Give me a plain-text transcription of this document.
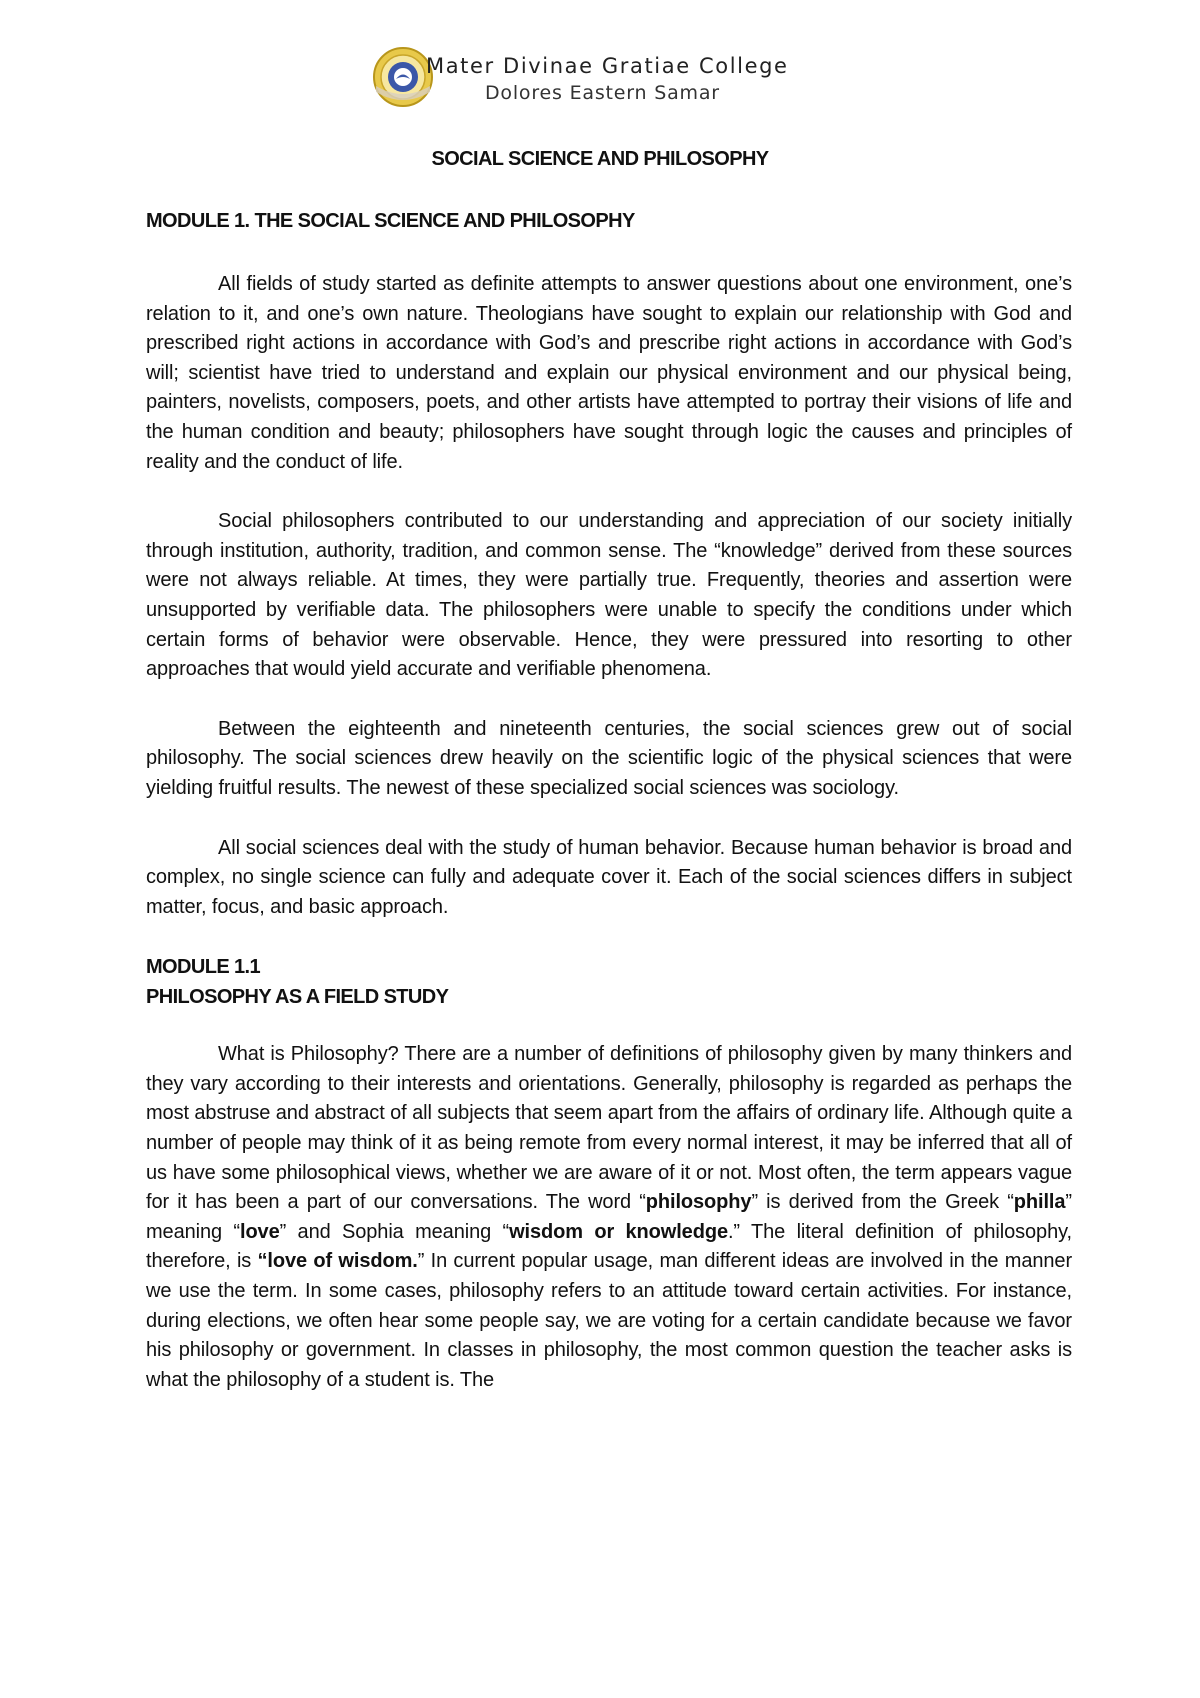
Mater Divinae Gratiae College
Dolores Eastern Samar
SOCIAL SCIENCE AND PHILOSOPHY
MODULE 1. THE SOCIAL SCIENCE AND PHILOSOPHY

All fields of study started as definite attempts to answer questions about one environment, one’s relation to it, and one’s own nature. Theologians have sought to explain our relationship with God and prescribed right actions in accordance with God’s and prescribe right actions in accordance with God’s will; scientist have tried to understand and explain our physical environment and our physical being, painters, novelists, composers, poets, and other artists have attempted to portray their visions of life and the human condition and beauty; philosophers have sought through logic the causes and principles of reality and the conduct of life.

Social philosophers contributed to our understanding and appreciation of our society initially through institution, authority, tradition, and common sense. The “knowledge” derived from these sources were not always reliable. At times, they were partially true. Frequently, theories and assertion were unsupported by verifiable data. The philosophers were unable to specify the conditions under which certain forms of behavior were observable. Hence, they were pressured into resorting to other approaches that would yield accurate and verifiable phenomena.

Between the eighteenth and nineteenth centuries, the social sciences grew out of social philosophy. The social sciences drew heavily on the scientific logic of the physical sciences that were yielding fruitful results. The newest of these specialized social sciences was sociology.

All social sciences deal with the study of human behavior. Because human behavior is broad and complex, no single science can fully and adequate cover it. Each of the social sciences differs in subject matter, focus, and basic approach.

MODULE 1.1
PHILOSOPHY AS A FIELD STUDY

What is Philosophy? There are a number of definitions of philosophy given by many thinkers and they vary according to their interests and orientations. Generally, philosophy is regarded as perhaps the most abstruse and abstract of all subjects that seem apart from the affairs of ordinary life. Although quite a number of people may think of it as being remote from every normal interest, it may be inferred that all of us have some philosophical views, whether we are aware of it or not. Most often, the term appears vague for it has been a part of our conversations. The word “philosophy” is derived from the Greek “philla” meaning “love” and Sophia meaning “wisdom or knowledge.” The literal definition of philosophy, therefore, is “love of wisdom.” In current popular usage, man different ideas are involved in the manner we use the term. In some cases, philosophy refers to an attitude toward certain activities. For instance, during elections, we often hear some people say, we are voting for a certain candidate because we favor his philosophy or government. In classes in philosophy, the most common question the teacher asks is what the philosophy of a student is. The
